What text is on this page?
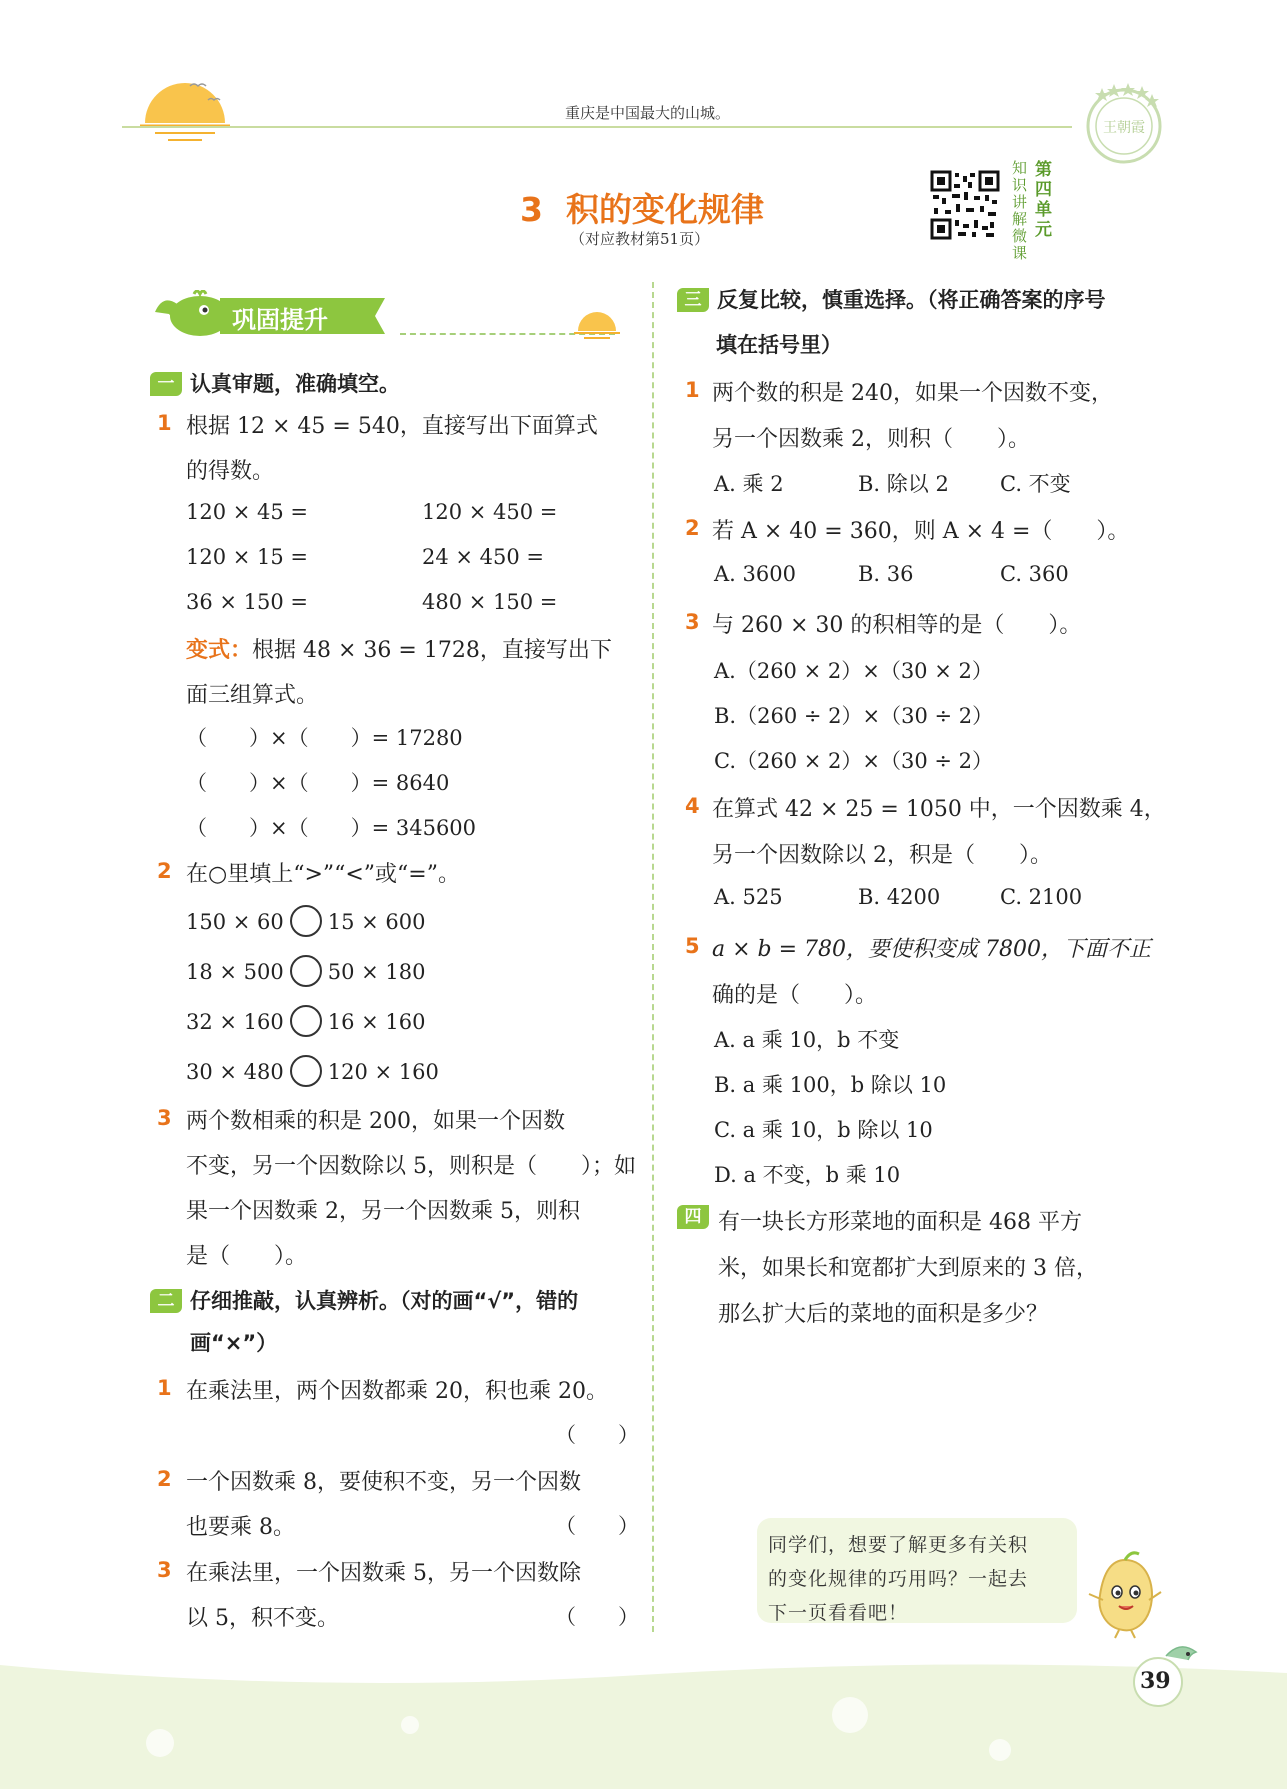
重庆是中国最大的山城。
王朝霞
3 积的变化规律
（对应教材第51页）
知识讲解微课
第四单元
巩固提升
一 认真审题，准确填空。
1 根据 12 × 45 = 540，直接写出下面算式
的得数。
120 × 45 =	120 × 450 =
120 × 15 =	24 × 450 =
36 × 150 =	480 × 150 =
变式：根据 48 × 36 = 1728，直接写出下
面三组算式。
（　　）×（　　）= 17280
（　　）×（　　）= 8640
（　　）×（　　）= 345600
2 在○里填上“>”“<”或“=”。
150 × 60 15 × 600
18 × 500 50 × 180
32 × 160 16 × 160
30 × 480 120 × 160
3 两个数相乘的积是 200，如果一个因数
不变，另一个因数除以 5，则积是（　　）；如
果一个因数乘 2，另一个因数乘 5，则积
是（　　）。
二 仔细推敲，认真辨析。（对的画“√”，错的
画“×”）
1 在乘法里，两个因数都乘 20，积也乘 20。
（　　）
2 一个因数乘 8，要使积不变，另一个因数
也要乘 8。	（　　）
3 在乘法里，一个因数乘 5，另一个因数除
以 5，积不变。	（　　）
三 反复比较，慎重选择。（将正确答案的序号
填在括号里）
1 两个数的积是 240，如果一个因数不变，
另一个因数乘 2，则积（　　）。
A. 乘 2	B. 除以 2 C. 不变
2 若 A × 40 = 360，则 A × 4 =（　　）。
A. 3600	B. 36	C. 360
3 与 260 × 30 的积相等的是（　　）。
A.（260 × 2）×（30 × 2）
B.（260 ÷ 2）×（30 ÷ 2）
C.（260 × 2）×（30 ÷ 2）
4 在算式 42 × 25 = 1050 中，一个因数乘 4，
另一个因数除以 2，积是（　　）。
A. 525	B. 4200	C. 2100
5 a × b = 780，要使积变成 7800，下面不正
确的是（　　）。
A. a 乘 10，b 不变
B. a 乘 100，b 除以 10
C. a 乘 10，b 除以 10
D. a 不变，b 乘 10
四 有一块长方形菜地的面积是 468 平方
米，如果长和宽都扩大到原来的 3 倍，
那么扩大后的菜地的面积是多少？
同学们，想要了解更多有关积
的变化规律的巧用吗？一起去
下一页看看吧！
39
